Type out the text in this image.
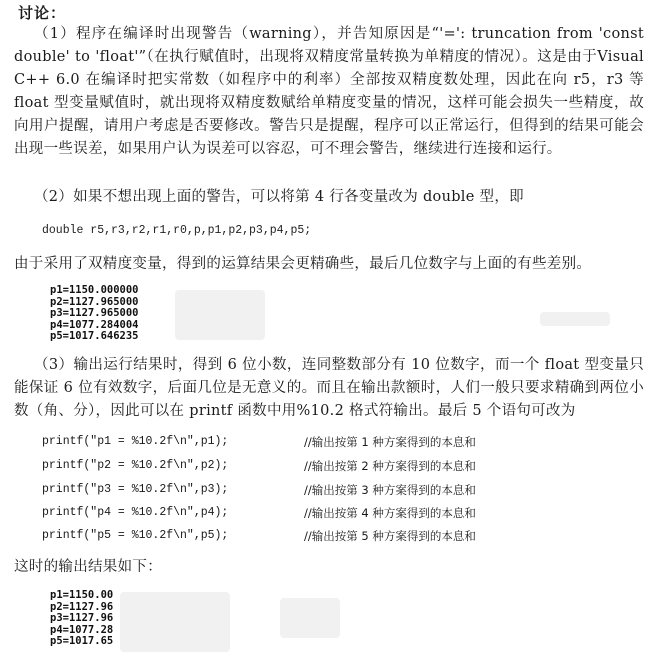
讨论：
（1）程序在编译时出现警告（warning），并告知原因是“'=': truncation from 'const double' to 'float'”（在执行赋值时，出现将双精度常量转换为单精度的情况）。这是由于Visual C++ 6.0 在编译时把实常数（如程序中的利率）全部按双精度数处理，因此在向 r5，r3 等 float 型变量赋值时，就出现将双精度数赋给单精度变量的情况，这样可能会损失一些精度，故向用户提醒，请用户考虑是否要修改。警告只是提醒，程序可以正常运行，但得到的结果可能会出现一些误差，如果用户认为误差可以容忍，可不理会警告，继续进行连接和运行。
（2）如果不想出现上面的警告，可以将第 4 行各变量改为 double 型，即
double r5,r3,r2,r1,r0,p,p1,p2,p3,p4,p5;
由于采用了双精度变量，得到的运算结果会更精确些，最后几位数字与上面的有些差别。
p1=1150.000000
p2=1127.965000
p3=1127.965000
p4=1077.284004
p5=1017.646235
（3）输出运行结果时，得到 6 位小数，连同整数部分有 10 位数字，而一个 float 型变量只能保证 6 位有效数字，后面几位是无意义的。而且在输出款额时，人们一般只要求精确到两位小数（角、分），因此可以在 printf 函数中用%10.2 格式符输出。最后 5 个语句可改为
printf("p1 = %10.2f\n",p1);	//输出按第 1 种方案得到的本息和
printf("p2 = %10.2f\n",p2);	//输出按第 2 种方案得到的本息和
printf("p3 = %10.2f\n",p3);	//输出按第 3 种方案得到的本息和
printf("p4 = %10.2f\n",p4);	//输出按第 4 种方案得到的本息和
printf("p5 = %10.2f\n",p5);	//输出按第 5 种方案得到的本息和
这时的输出结果如下：
p1=1150.00
p2=1127.96
p3=1127.96
p4=1077.28
p5=1017.65
